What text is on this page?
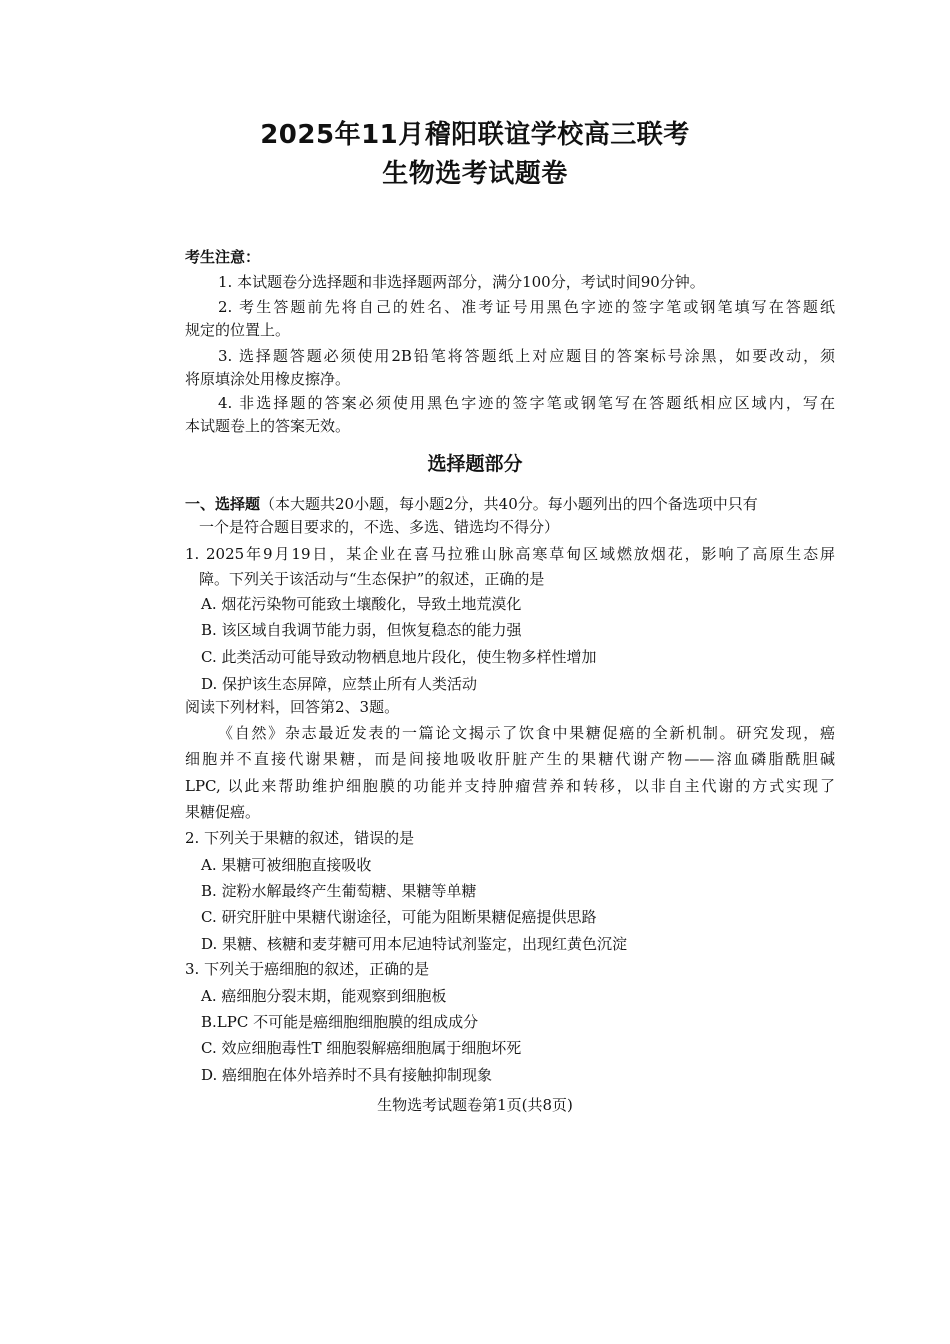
2025年11月稽阳联谊学校高三联考
生物选考试题卷
考生注意：
1. 本试题卷分选择题和非选择题两部分，满分100分，考试时间90分钟。
2. 考生答题前先将自己的姓名、准考证号用黑色字迹的签字笔或钢笔填写在答题纸
规定的位置上。
3. 选择题答题必须使用2B铅笔将答题纸上对应题目的答案标号涂黑，如要改动，须
将原填涂处用橡皮擦净。
4. 非选择题的答案必须使用黑色字迹的签字笔或钢笔写在答题纸相应区域内，写在
本试题卷上的答案无效。
选择题部分
一、选择题（本大题共20小题，每小题2分，共40分。每小题列出的四个备选项中只有
一个是符合题目要求的，不选、多选、错选均不得分）
1. 2025年9月19日，某企业在喜马拉雅山脉高寒草甸区域燃放烟花，影响了高原生态屏
障。下列关于该活动与“生态保护”的叙述，正确的是
A. 烟花污染物可能致土壤酸化，导致土地荒漠化
B. 该区域自我调节能力弱，但恢复稳态的能力强
C. 此类活动可能导致动物栖息地片段化，使生物多样性增加
D. 保护该生态屏障，应禁止所有人类活动
阅读下列材料，回答第2、3题。
《自然》杂志最近发表的一篇论文揭示了饮食中果糖促癌的全新机制。研究发现，癌
细胞并不直接代谢果糖，而是间接地吸收肝脏产生的果糖代谢产物——溶血磷脂酰胆碱
LPC, 以此来帮助维护细胞膜的功能并支持肿瘤营养和转移，以非自主代谢的方式实现了
果糖促癌。
2. 下列关于果糖的叙述，错误的是
A. 果糖可被细胞直接吸收
B. 淀粉水解最终产生葡萄糖、果糖等单糖
C. 研究肝脏中果糖代谢途径，可能为阻断果糖促癌提供思路
D. 果糖、核糖和麦芽糖可用本尼迪特试剂鉴定，出现红黄色沉淀
3. 下列关于癌细胞的叙述，正确的是
A. 癌细胞分裂末期，能观察到细胞板
B.LPC 不可能是癌细胞细胞膜的组成成分
C. 效应细胞毒性T 细胞裂解癌细胞属于细胞坏死
D. 癌细胞在体外培养时不具有接触抑制现象
生物选考试题卷第1页(共8页)
